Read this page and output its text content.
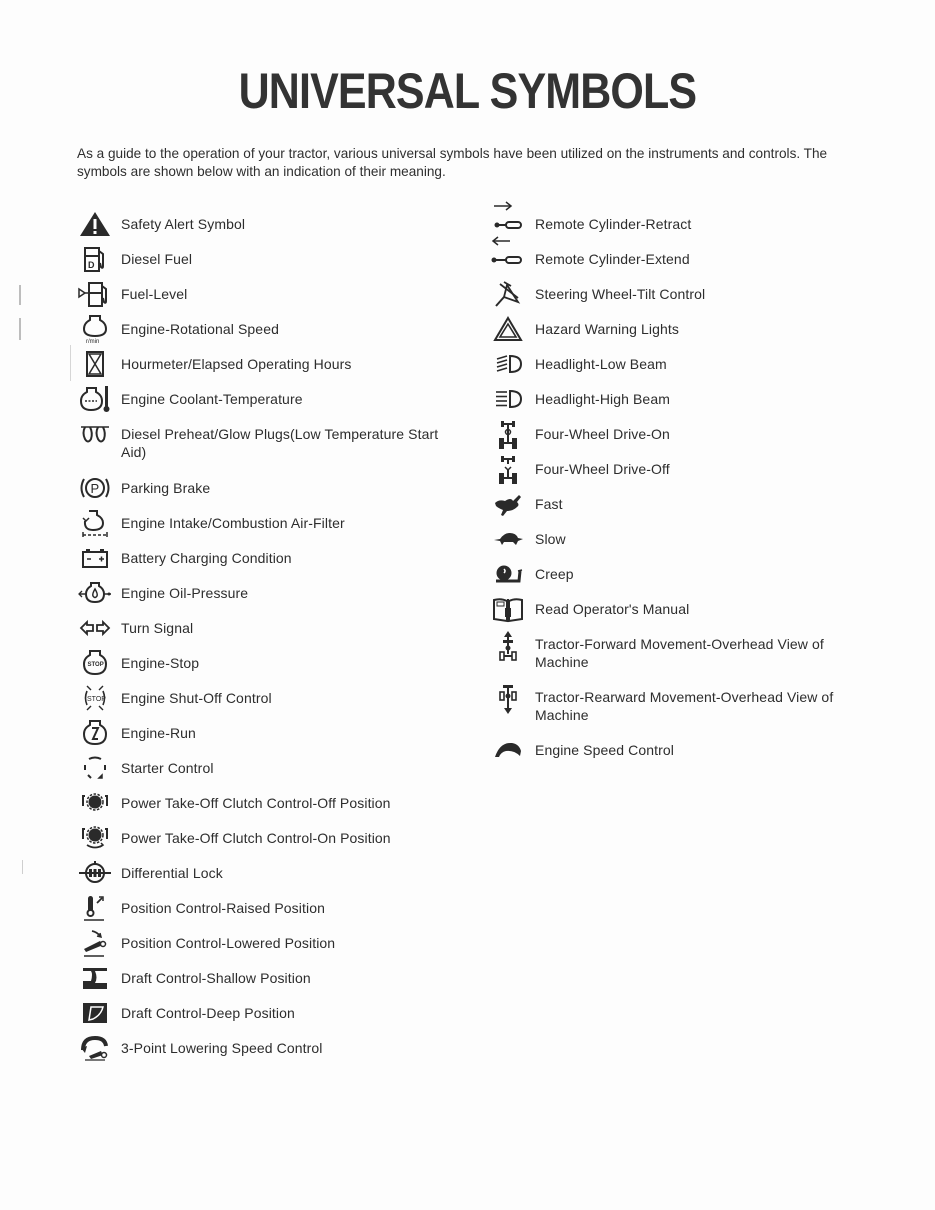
UNIVERSAL SYMBOLS
As a guide to the operation of your tractor, various universal symbols have been utilized on the instruments and controls. The symbols are shown below with an indication of their meaning.
Safety Alert Symbol
D Diesel Fuel
Fuel-Level
r/min
Engine-Rotational Speed
Hourmeter/Elapsed Operating Hours
Engine Coolant-Temperature
Diesel Preheat/Glow Plugs(Low Temperature Start Aid)
P Parking Brake
Engine Intake/Combustion Air-Filter
Battery Charging Condition
Engine Oil-Pressure
Turn Signal
STOP Engine-Stop
STOP Engine Shut-Off Control
Engine-Run
Starter Control
Power Take-Off Clutch Control-Off Position
Power Take-Off Clutch Control-On Position
Differential Lock
Position Control-Raised Position
Position Control-Lowered Position
Draft Control-Shallow Position
Draft Control-Deep Position
3-Point Lowering Speed Control
Remote Cylinder-Retract
Remote Cylinder-Extend
Steering Wheel-Tilt Control
Hazard Warning Lights
Headlight-Low Beam
Headlight-High Beam
Four-Wheel Drive-On
Four-Wheel Drive-Off
Fast
Slow
Creep
Read Operator's Manual
Tractor-Forward Movement-Overhead View of Machine
Tractor-Rearward Movement-Overhead View of Machine
Engine Speed Control
